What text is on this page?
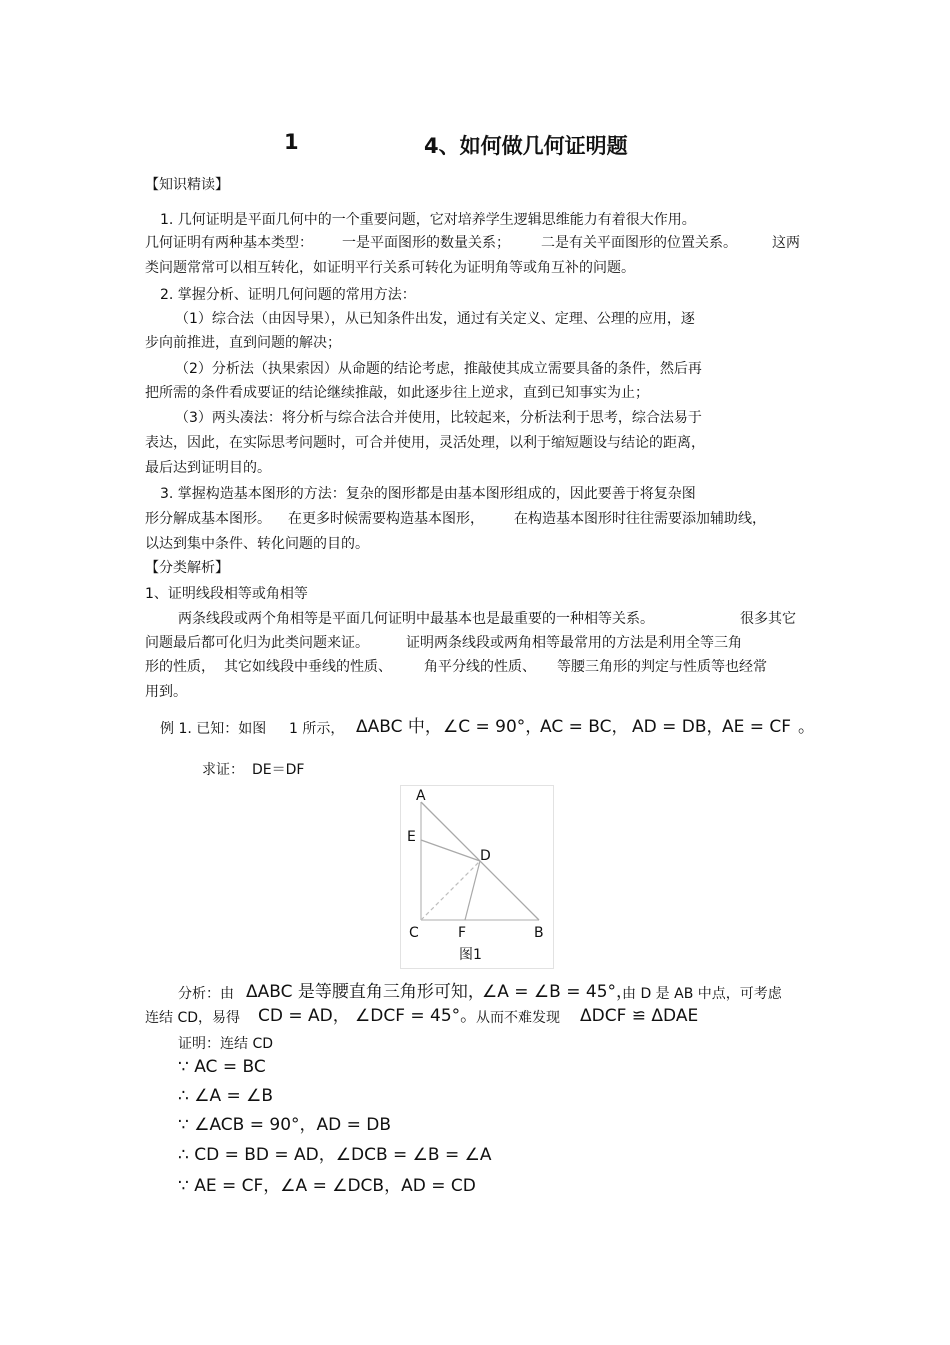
1	4、如何做几何证明题
【知识精读】
1. 几何证明是平面几何中的一个重要问题，它对培养学生逻辑思维能力有着很大作用。
几何证明有两种基本类型： 一是平面图形的数量关系； 二是有关平面图形的位置关系。	这两
类问题常常可以相互转化，如证明平行关系可转化为证明角等或角互补的问题。
2. 掌握分析、证明几何问题的常用方法：
（1）综合法（由因导果），从已知条件出发，通过有关定义、定理、公理的应用，逐
步向前推进，直到问题的解决；
（2）分析法（执果索因）从命题的结论考虑，推敲使其成立需要具备的条件，然后再
把所需的条件看成要证的结论继续推敲，如此逐步往上逆求，直到已知事实为止；
（3）两头凑法：将分析与综合法合并使用，比较起来，分析法利于思考，综合法易于
表达，因此，在实际思考问题时，可合并使用，灵活处理，以利于缩短题设与结论的距离，
最后达到证明目的。
3. 掌握构造基本图形的方法：复杂的图形都是由基本图形组成的，因此要善于将复杂图
形分解成基本图形。 在更多时候需要构造基本图形， 在构造基本图形时往往需要添加辅助线，
以达到集中条件、转化问题的目的。
【分类解析】
1、证明线段相等或角相等
两条线段或两个角相等是平面几何证明中最基本也是最重要的一种相等关系。	很多其它
问题最后都可化归为此类问题来证。	证明两条线段或两角相等最常用的方法是利用全等三角
形的性质， 其它如线段中垂线的性质、 角平分线的性质、 等腰三角形的判定与性质等也经常
用到。
例 1. 已知：如图 1 所示， ΔABC 中， ∠C = 90°，
AC = BC， AD = DB，
AE = CF 。
求证： DE＝DF
A
E
D
C	F	B
图1
分析：由 ΔABC 是等腰直角三角形可知，
∠A = ∠B = 45°，
由 D 是 AB 中点，可考虑
连结 CD，易得 CD = AD， ∠DCF = 45°。
从而不难发现 ΔDCF ≌ ΔDAE
证明：连结 CD
∵ AC = BC
∴ ∠A = ∠B
∵ ∠ACB = 90°，AD = DB
∴ CD = BD = AD，∠DCB = ∠B = ∠A
∵ AE = CF，∠A = ∠DCB，AD = CD
